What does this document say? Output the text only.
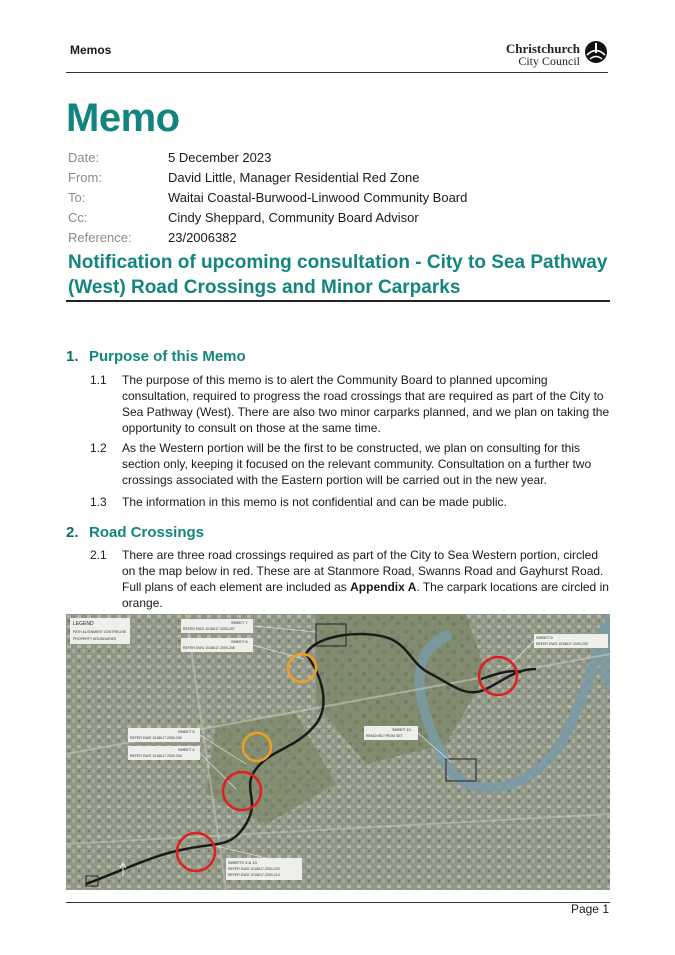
Memos	Christchurch
City Council
Memo
Date:	5 December 2023
From:	David Little, Manager Residential Red Zone
To:	Waitai Coastal-Burwood-Linwood Community Board
Cc:	Cindy Sheppard, Community Board Advisor
Reference:	23/2006382
Notification of upcoming consultation - City to Sea Pathway
(West) Road Crossings and Minor Carparks
1. Purpose of this Memo
1.1	The purpose of this memo is to alert the Community Board to planned upcoming consultation, required to progress the road crossings that are required as part of the City to Sea Pathway (West). There are also two minor carparks planned, and we plan on taking the opportunity to consult on those at the same time.
1.2	As the Western portion will be the first to be constructed, we plan on consulting for this section only, keeping it focused on the relevant community. Consultation on a further two crossings associated with the Eastern portion will be carried out in the new year.
1.3	The information in this memo is not confidential and can be made public.
2. Road Crossings
2.1	There are three road crossings required as part of the City to Sea Western portion, circled on the map below in red. These are at Stanmore Road, Swanns Road and Gayhurst Road. Full plans of each element are included as Appendix A. The carpark locations are circled in orange.
LEGEND
PATH ALIGNMENT CENTRELINE
PROPERTY BOUNDARIES
SHEET 7
REFER DWG 1018617.2000-207
SHEET 6
REFER DWG 1018617.2000-206
SHEET 9
REFER DWG 1018617.2000-209
SHEET 5
REFER DWG 1018617.2000-205
SHEET 4
REFER DWG 1018617.2000-204
SHEET 10
REMOVED FROM SET
SHEETS 3 & 13
REFER DWG 1018617.2000-203
REFER DWG 1018617.2000-213
Page 1
